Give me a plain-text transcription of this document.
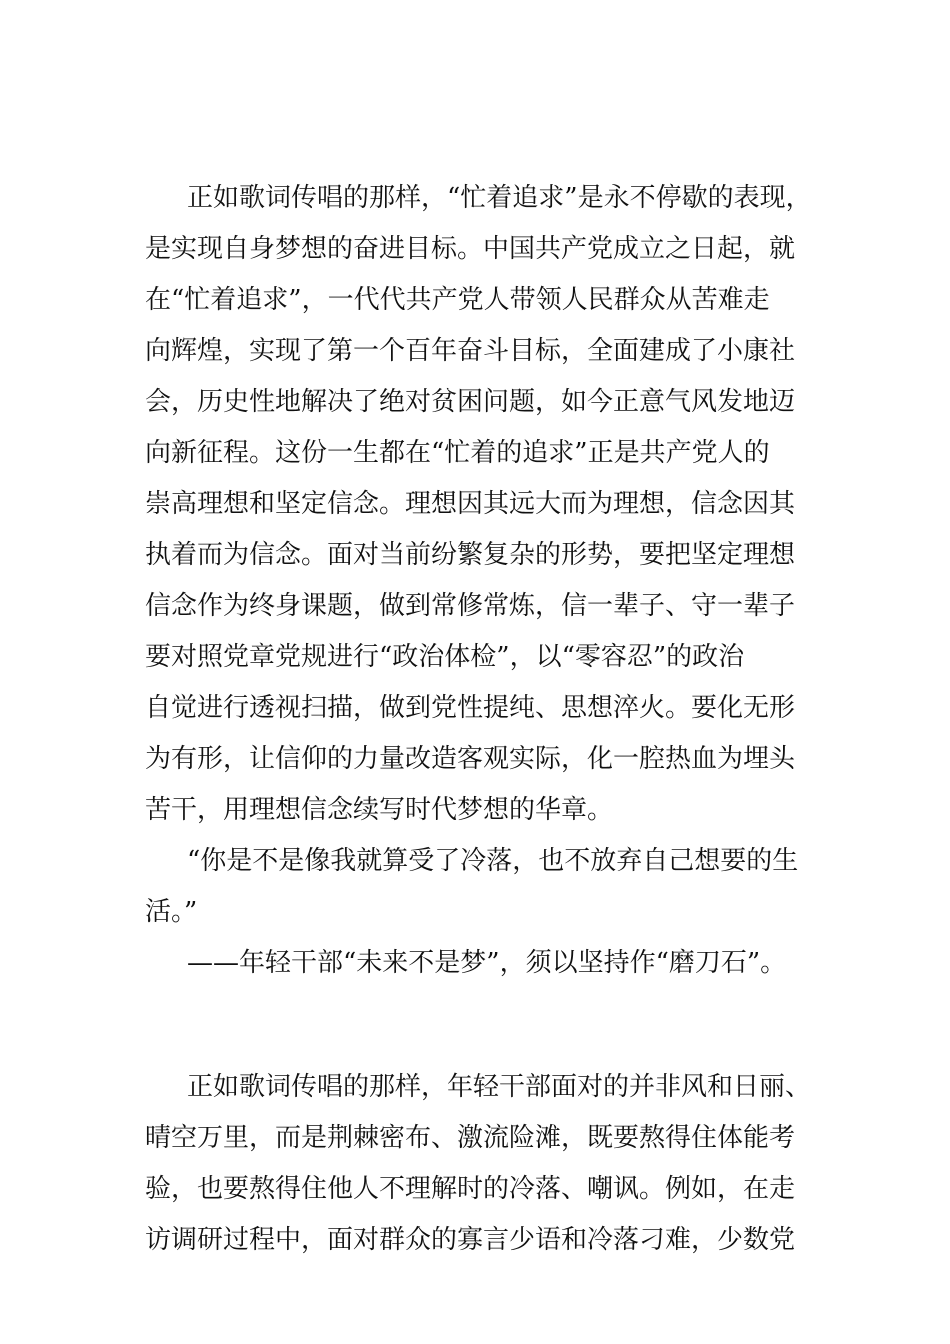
正如歌词传唱的那样，“忙着追求”是永不停歇的表现，
是实现自身梦想的奋进目标。中国共产党成立之日起，就
在“忙着追求”，一代代共产党人带领人民群众从苦难走
向辉煌，实现了第一个百年奋斗目标，全面建成了小康社
会，历史性地解决了绝对贫困问题，如今正意气风发地迈
向新征程。这份一生都在“忙着的追求”正是共产党人的
崇高理想和坚定信念。理想因其远大而为理想，信念因其
执着而为信念。面对当前纷繁复杂的形势，要把坚定理想
信念作为终身课题，做到常修常炼，信一辈子、守一辈子
要对照党章党规进行“政治体检”，以“零容忍”的政治
自觉进行透视扫描，做到党性提纯、思想淬火。要化无形
为有形，让信仰的力量改造客观实际，化一腔热血为埋头
苦干，用理想信念续写时代梦想的华章。
“你是不是像我就算受了冷落，也不放弃自己想要的生
活。”
——年轻干部“未来不是梦”，须以坚持作“磨刀石”。
正如歌词传唱的那样，年轻干部面对的并非风和日丽、
晴空万里，而是荆棘密布、激流险滩，既要熬得住体能考
验，也要熬得住他人不理解时的冷落、嘲讽。例如，在走
访调研过程中，面对群众的寡言少语和冷落刁难，少数党
